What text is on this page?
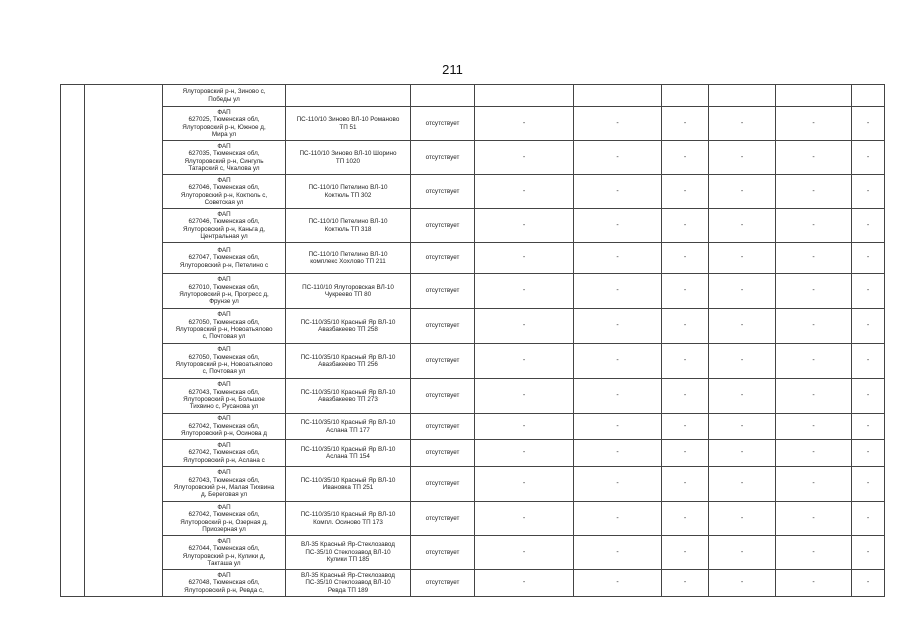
211

		Ялуторовский р-н, Зиново с,
Победы ул								

		ФАП
627025, Тюменская обл,
Ялуторовский р-н, Южное д,
Мира ул	ПС-110/10 Зиново ВЛ-10 Романово
ТП 51	отсутствует	-	-	-	-	-	-

		ФАП
627035, Тюменская обл,
Ялуторовский р-н, Сингуль
Татарский с, Чкалова ул	ПС-110/10 Зиново ВЛ-10 Шорино
ТП 1020	отсутствует	-	-	-	-	-	-

		ФАП
627046, Тюменская обл,
Ялуторовский р-н, Коктюль с,
Советская ул	ПС-110/10 Петелино ВЛ-10
Коктюль ТП 302	отсутствует	-	-	-	-	-	-

		ФАП
627046, Тюменская обл,
Ялуторовский р-н, Каньга д,
Центральная ул	ПС-110/10 Петелино ВЛ-10
Коктюль ТП 318	отсутствует	-	-	-	-	-	-

		ФАП
627047, Тюменская обл,
Ялуторовский р-н, Петелино с	ПС-110/10 Петелино ВЛ-10
комплекс Хохлово ТП 211	отсутствует	-	-	-	-	-	-

		ФАП
627010, Тюменская обл,
Ялуторовский р-н, Прогресс д,
Фрунзе ул	ПС-110/10 Ялуторовская ВЛ-10
Чукреево ТП 80	отсутствует	-	-	-	-	-	-

		ФАП
627050, Тюменская обл,
Ялуторовский р-н, Новоатьялово
с, Почтовая ул	ПС-110/35/10 Красный Яр ВЛ-10
Авазбакеево ТП 258	отсутствует	-	-	-	-	-	-

		ФАП
627050, Тюменская обл,
Ялуторовский р-н, Новоатьялово
с, Почтовая ул	ПС-110/35/10 Красный Яр ВЛ-10
Авазбакеево ТП 256	отсутствует	-	-	-	-	-	-

		ФАП
627043, Тюменская обл,
Ялуторовский р-н, Большое
Тихвино с, Русанова ул	ПС-110/35/10 Красный Яр ВЛ-10
Авазбакеево ТП 273	отсутствует	-	-	-	-	-	-

		ФАП
627042, Тюменская обл,
Ялуторовский р-н, Осинова д	ПС-110/35/10 Красный Яр ВЛ-10
Асланa ТП 177	отсутствует	-	-	-	-	-	-

		ФАП
627042, Тюменская обл,
Ялуторовский р-н, Аслана с	ПС-110/35/10 Красный Яр ВЛ-10
Аслана ТП 154	отсутствует	-	-	-	-	-	-

		ФАП
627043, Тюменская обл,
Ялуторовский р-н, Малая Тихвина
д, Береговая ул	ПС-110/35/10 Красный Яр ВЛ-10
Ивановка ТП 251	отсутствует	-	-	-	-	-	-

		ФАП
627042, Тюменская обл,
Ялуторовский р-н, Озерная д,
Приозерная ул	ПС-110/35/10 Красный Яр ВЛ-10
Компл. Осиново ТП 173	отсутствует	-	-	-	-	-	-

		ФАП
627044, Тюменская обл,
Ялуторовский р-н, Кулики д,
Такташа ул	ВЛ-35 Красный Яр-Стеклозавод
ПС-35/10 Стеклозавод ВЛ-10
Кулики ТП 185	отсутствует	-	-	-	-	-	-

		ФАП
627048, Тюменская обл,
Ялуторовский р-н, Ревда с,	ВЛ-35 Красный Яр-Стеклозавод
ПС-35/10 Стеклозавод ВЛ-10
Ревда ТП 189	отсутствует	-	-	-	-	-	-
